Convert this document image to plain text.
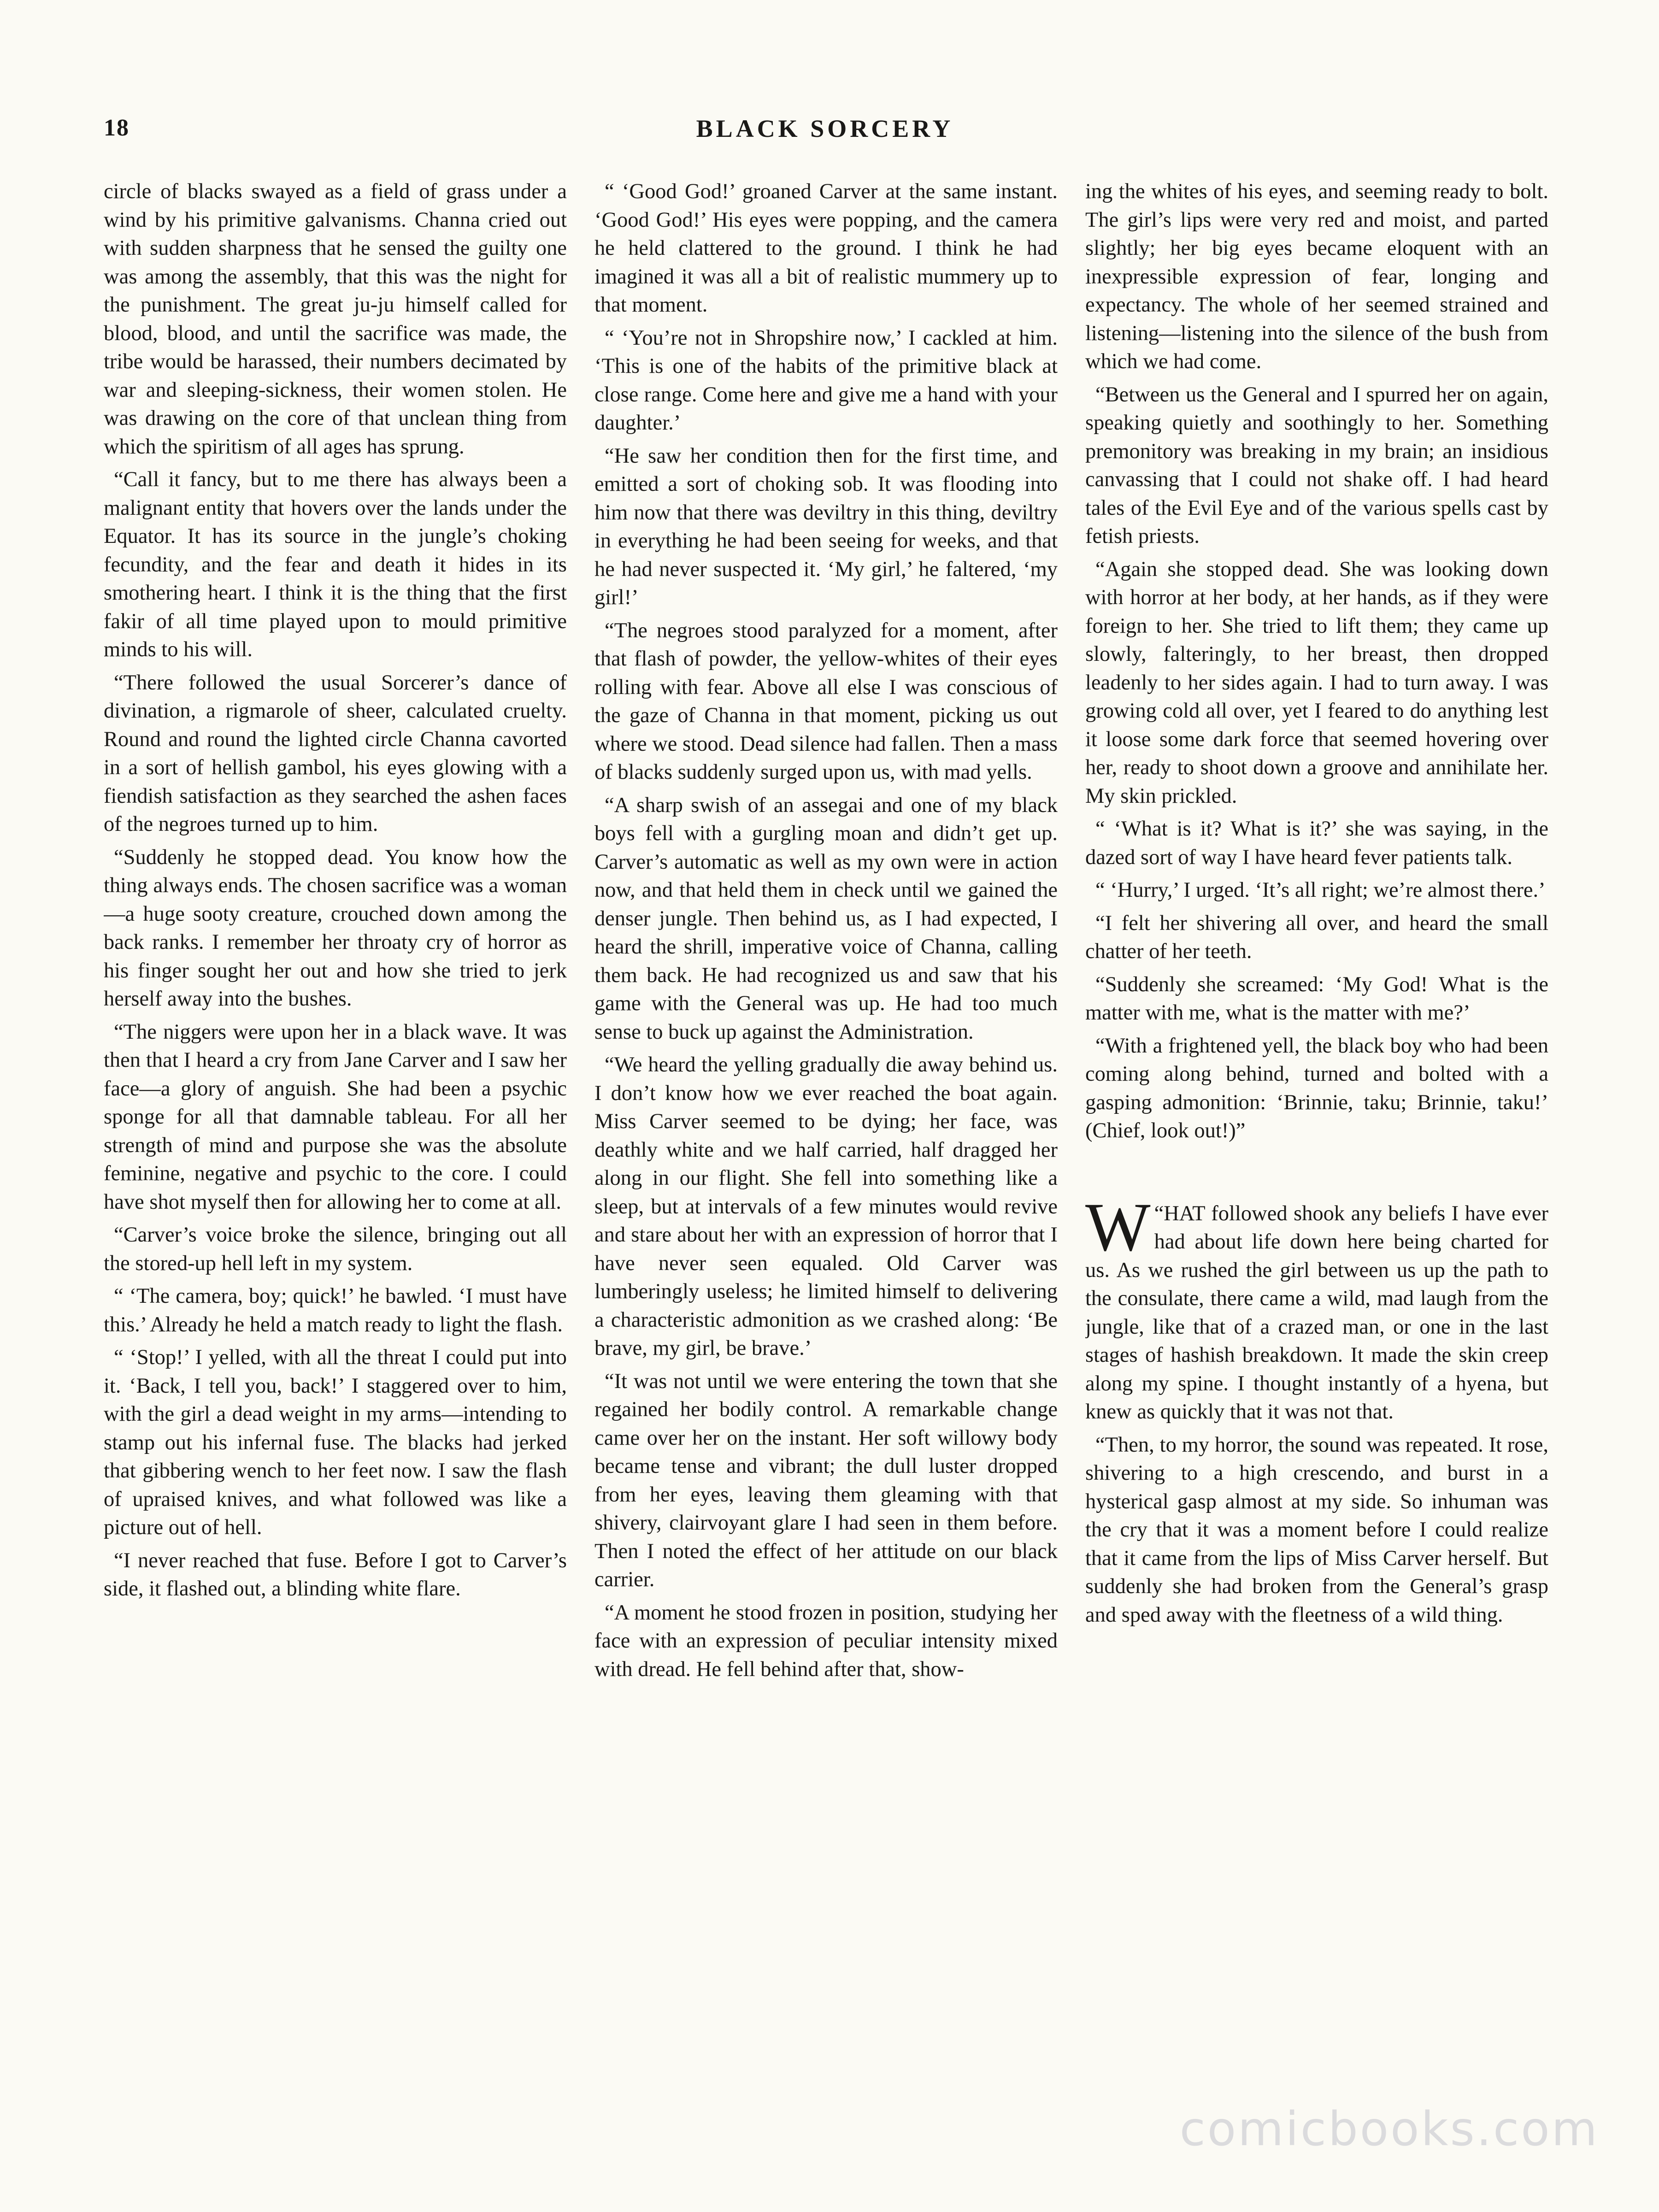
18	BLACK SORCERY

circle of blacks swayed as a field of grass under a wind by his primitive galvanisms. Channa cried out with sudden sharpness that he sensed the guilty one was among the assembly, that this was the night for the punishment. The great ju-ju himself called for blood, blood, and until the sacrifice was made, the tribe would be harassed, their numbers decimated by war and sleeping-sickness, their women stolen. He was drawing on the core of that unclean thing from which the spiritism of all ages has sprung.

“Call it fancy, but to me there has always been a malignant entity that hovers over the lands under the Equator. It has its source in the jungle’s choking fecundity, and the fear and death it hides in its smothering heart. I think it is the thing that the first fakir of all time played upon to mould primitive minds to his will.

“There followed the usual Sorcerer’s dance of divination, a rigmarole of sheer, calculated cruelty. Round and round the lighted circle Channa cavorted in a sort of hellish gambol, his eyes glowing with a fiendish satisfaction as they searched the ashen faces of the negroes turned up to him.

“Suddenly he stopped dead. You know how the thing always ends. The chosen sacrifice was a woman—a huge sooty creature, crouched down among the back ranks. I remember her throaty cry of horror as his finger sought her out and how she tried to jerk herself away into the bushes.

“The niggers were upon her in a black wave. It was then that I heard a cry from Jane Carver and I saw her face—a glory of anguish. She had been a psychic sponge for all that damnable tableau. For all her strength of mind and purpose she was the absolute feminine, negative and psychic to the core. I could have shot myself then for allowing her to come at all.

“Carver’s voice broke the silence, bringing out all the stored-up hell left in my system.

“ ‘The camera, boy; quick!’ he bawled. ‘I must have this.’ Already he held a match ready to light the flash.

“ ‘Stop!’ I yelled, with all the threat I could put into it. ‘Back, I tell you, back!’ I staggered over to him, with the girl a dead weight in my arms—intending to stamp out his infernal fuse. The blacks had jerked that gibbering wench to her feet now. I saw the flash of upraised knives, and what followed was like a picture out of hell.

“I never reached that fuse. Before I got to Carver’s side, it flashed out, a blinding white flare.

“ ‘Good God!’ groaned Carver at the same instant. ‘Good God!’ His eyes were popping, and the camera he held clattered to the ground. I think he had imagined it was all a bit of realistic mummery up to that moment.

“ ‘You’re not in Shropshire now,’ I cackled at him. ‘This is one of the habits of the primitive black at close range. Come here and give me a hand with your daughter.’

“He saw her condition then for the first time, and emitted a sort of choking sob. It was flooding into him now that there was deviltry in this thing, deviltry in everything he had been seeing for weeks, and that he had never suspected it. ‘My girl,’ he faltered, ‘my girl!’

“The negroes stood paralyzed for a moment, after that flash of powder, the yellow-whites of their eyes rolling with fear. Above all else I was conscious of the gaze of Channa in that moment, picking us out where we stood. Dead silence had fallen. Then a mass of blacks suddenly surged upon us, with mad yells.

“A sharp swish of an assegai and one of my black boys fell with a gurgling moan and didn’t get up. Carver’s automatic as well as my own were in action now, and that held them in check until we gained the denser jungle. Then behind us, as I had expected, I heard the shrill, imperative voice of Channa, calling them back. He had recognized us and saw that his game with the General was up. He had too much sense to buck up against the Administration.

“We heard the yelling gradually die away behind us. I don’t know how we ever reached the boat again. Miss Carver seemed to be dying; her face, was deathly white and we half carried, half dragged her along in our flight. She fell into something like a sleep, but at intervals of a few minutes would revive and stare about her with an expression of horror that I have never seen equaled. Old Carver was lumberingly useless; he limited himself to delivering a characteristic admonition as we crashed along: ‘Be brave, my girl, be brave.’

“It was not until we were entering the town that she regained her bodily control. A remarkable change came over her on the instant. Her soft willowy body became tense and vibrant; the dull luster dropped from her eyes, leaving them gleaming with that shivery, clairvoyant glare I had seen in them before. Then I noted the effect of her attitude on our black carrier.

“A moment he stood frozen in position, studying her face with an expression of peculiar intensity mixed with dread. He fell behind after that, show-

ing the whites of his eyes, and seeming ready to bolt. The girl’s lips were very red and moist, and parted slightly; her big eyes became eloquent with an inexpressible expression of fear, longing and expectancy. The whole of her seemed strained and listening—listening into the silence of the bush from which we had come.

“Between us the General and I spurred her on again, speaking quietly and soothingly to her. Something premonitory was breaking in my brain; an insidious canvassing that I could not shake off. I had heard tales of the Evil Eye and of the various spells cast by fetish priests.

“Again she stopped dead. She was looking down with horror at her body, at her hands, as if they were foreign to her. She tried to lift them; they came up slowly, falteringly, to her breast, then dropped leadenly to her sides again. I had to turn away. I was growing cold all over, yet I feared to do anything lest it loose some dark force that seemed hovering over her, ready to shoot down a groove and annihilate her. My skin prickled.

“ ‘What is it? What is it?’ she was saying, in the dazed sort of way I have heard fever patients talk.

“ ‘Hurry,’ I urged. ‘It’s all right; we’re almost there.’

“I felt her shivering all over, and heard the small chatter of her teeth.

“Suddenly she screamed: ‘My God! What is the matter with me, what is the matter with me?’

“With a frightened yell, the black boy who had been coming along behind, turned and bolted with a gasping admonition: ‘Brinnie, taku; Brinnie, taku!’ (Chief, look out!)”

W “HAT followed shook any beliefs I have ever had about life down here being charted for us. As we rushed the girl between us up the path to the consulate, there came a wild, mad laugh from the jungle, like that of a crazed man, or one in the last stages of hashish breakdown. It made the skin creep along my spine. I thought instantly of a hyena, but knew as quickly that it was not that.

“Then, to my horror, the sound was repeated. It rose, shivering to a high crescendo, and burst in a hysterical gasp almost at my side. So inhuman was the cry that it was a moment before I could realize that it came from the lips of Miss Carver herself. But suddenly she had broken from the General’s grasp and sped away with the fleetness of a wild thing.

comicbooks.com
